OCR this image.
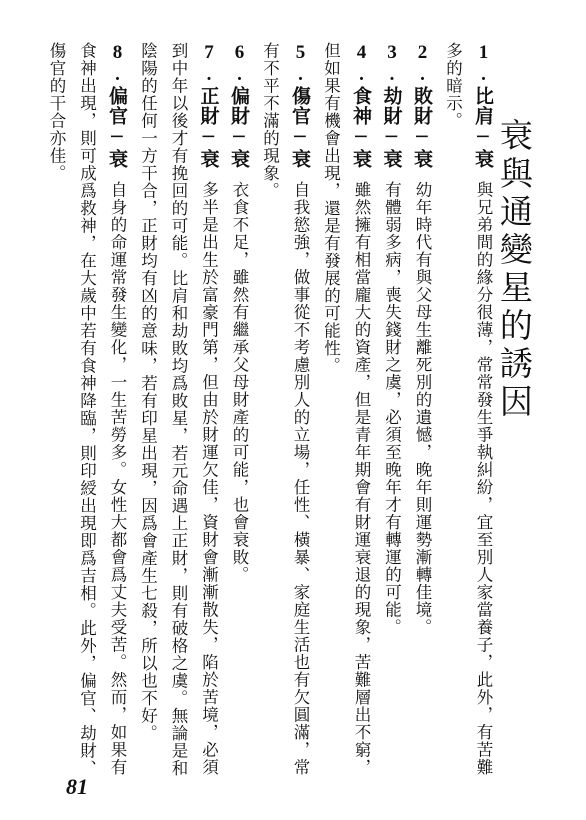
衰與通變星的誘因

1.比肩─衰與兄弟間的緣分很薄，常常發生爭執糾紛，宜至別人家當養子，此外，有苦難多的暗示。

2.敗財─衰幼年時代有與父母生離死別的遺憾，晚年則運勢漸轉佳境。

3.劫財─衰有體弱多病，喪失錢財之虞，必須至晚年才有轉運的可能。

4.食神─衰雖然擁有相當龐大的資產，但是青年期會有財運衰退的現象，苦難層出不窮，但如果有機會出現，還是有發展的可能性。

5.傷官─衰自我慾強，做事從不考慮別人的立場，任性、橫暴、家庭生活也有欠圓滿，常有不平不滿的現象。

6.偏財─衰衣食不足，雖然有繼承父母財產的可能，也會衰敗。

7.正財─衰多半是出生於富豪門第，但由於財運欠佳，資財會漸漸散失，陷於苦境，必須到中年以後才有挽回的可能。比肩和劫敗均爲敗星，若元命遇上正財，則有破格之虞。無論是和陰陽的任何一方干合，正財均有凶的意味，若有印星出現，因爲會產生七殺，所以也不好。

8.偏官─衰自身的命運常發生變化，一生苦勞多。女性大都會爲丈夫受苦。然而，如果有食神出現，則可成爲救神，在大歲中若有食神降臨，則印綬出現即爲吉相。此外，偏官、劫財、傷官的干合亦佳。

81
